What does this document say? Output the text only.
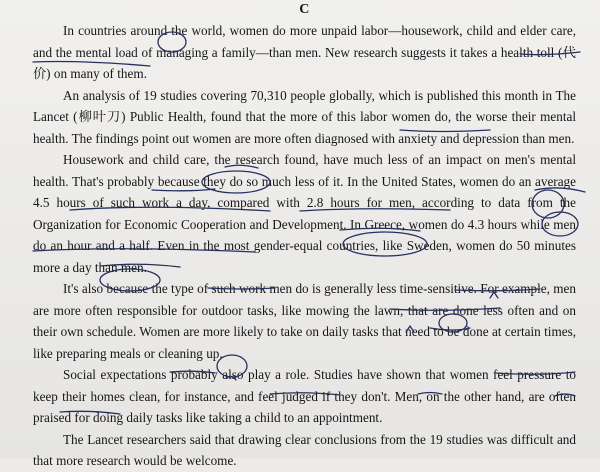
C

In countries around the world, women do more unpaid labor—housework, child and elder care, and the mental load of managing a family—than men. New research suggests it takes a health toll (代价) on many of them.

An analysis of 19 studies covering 70,310 people globally, which is published this month in The Lancet (柳叶刀) Public Health, found that the more of this labor women do, the worse their mental health. The findings point out women are more often diagnosed with anxiety and depression than men.

Housework and child care, the research found, have much less of an impact on men's mental health. That's probably because they do so much less of it. In the United States, women do an average 4.5 hours of such work a day, compared with 2.8 hours for men, according to data from the Organization for Economic Cooperation and Development. In Greece, women do 4.3 hours while men do an hour and a half. Even in the most gender-equal countries, like Sweden, women do 50 minutes more a day than men.

It's also because the type of such work men do is generally less time-sensitive. For example, men are more often responsible for outdoor tasks, like mowing the lawn, that are done less often and on their own schedule. Women are more likely to take on daily tasks that need to be done at certain times, like preparing meals or cleaning up.

Social expectations probably also play a role. Studies have shown that women feel pressure to keep their homes clean, for instance, and feel judged if they don't. Men, on the other hand, are often praised for doing daily tasks like taking a child to an appointment.

The Lancet researchers said that drawing clear conclusions from the 19 studies was difficult and that more research would be welcome.
